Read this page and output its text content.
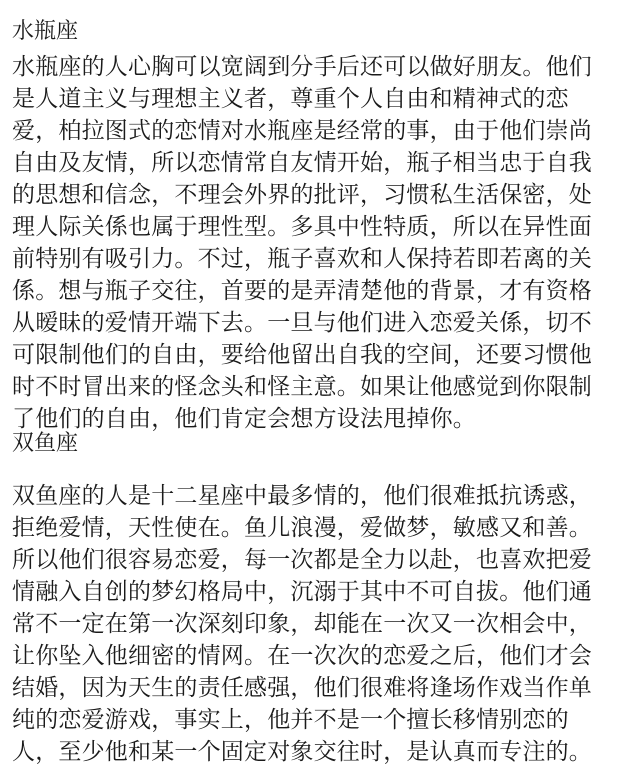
水瓶座
水瓶座的人心胸可以宽阔到分手后还可以做好朋友。他们
是人道主义与理想主义者，尊重个人自由和精神式的恋
爱，柏拉图式的恋情对水瓶座是经常的事，由于他们崇尚
自由及友情，所以恋情常自友情开始，瓶子相当忠于自我
的思想和信念，不理会外界的批评，习惯私生活保密，处
理人际关係也属于理性型。多具中性特质，所以在异性面
前特别有吸引力。不过，瓶子喜欢和人保持若即若离的关
係。想与瓶子交往，首要的是弄清楚他的背景，才有资格
从暧昧的爱情开端下去。一旦与他们进入恋爱关係，切不
可限制他们的自由，要给他留出自我的空间，还要习惯他
时不时冒出来的怪念头和怪主意。如果让他感觉到你限制
了他们的自由，他们肯定会想方设法甩掉你。
双鱼座
双鱼座的人是十二星座中最多情的，他们很难抵抗诱惑，
拒绝爱情，天性使在。鱼儿浪漫，爱做梦，敏感又和善。
所以他们很容易恋爱，每一次都是全力以赴，也喜欢把爱
情融入自创的梦幻格局中，沉溺于其中不可自拔。他们通
常不一定在第一次深刻印象，却能在一次又一次相会中，
让你坠入他细密的情网。在一次次的恋爱之后，他们才会
结婚，因为天生的责任感强，他们很难将逢场作戏当作单
纯的恋爱游戏，事实上，他并不是一个擅长移情别恋的
人，至少他和某一个固定对象交往时，是认真而专注的。
